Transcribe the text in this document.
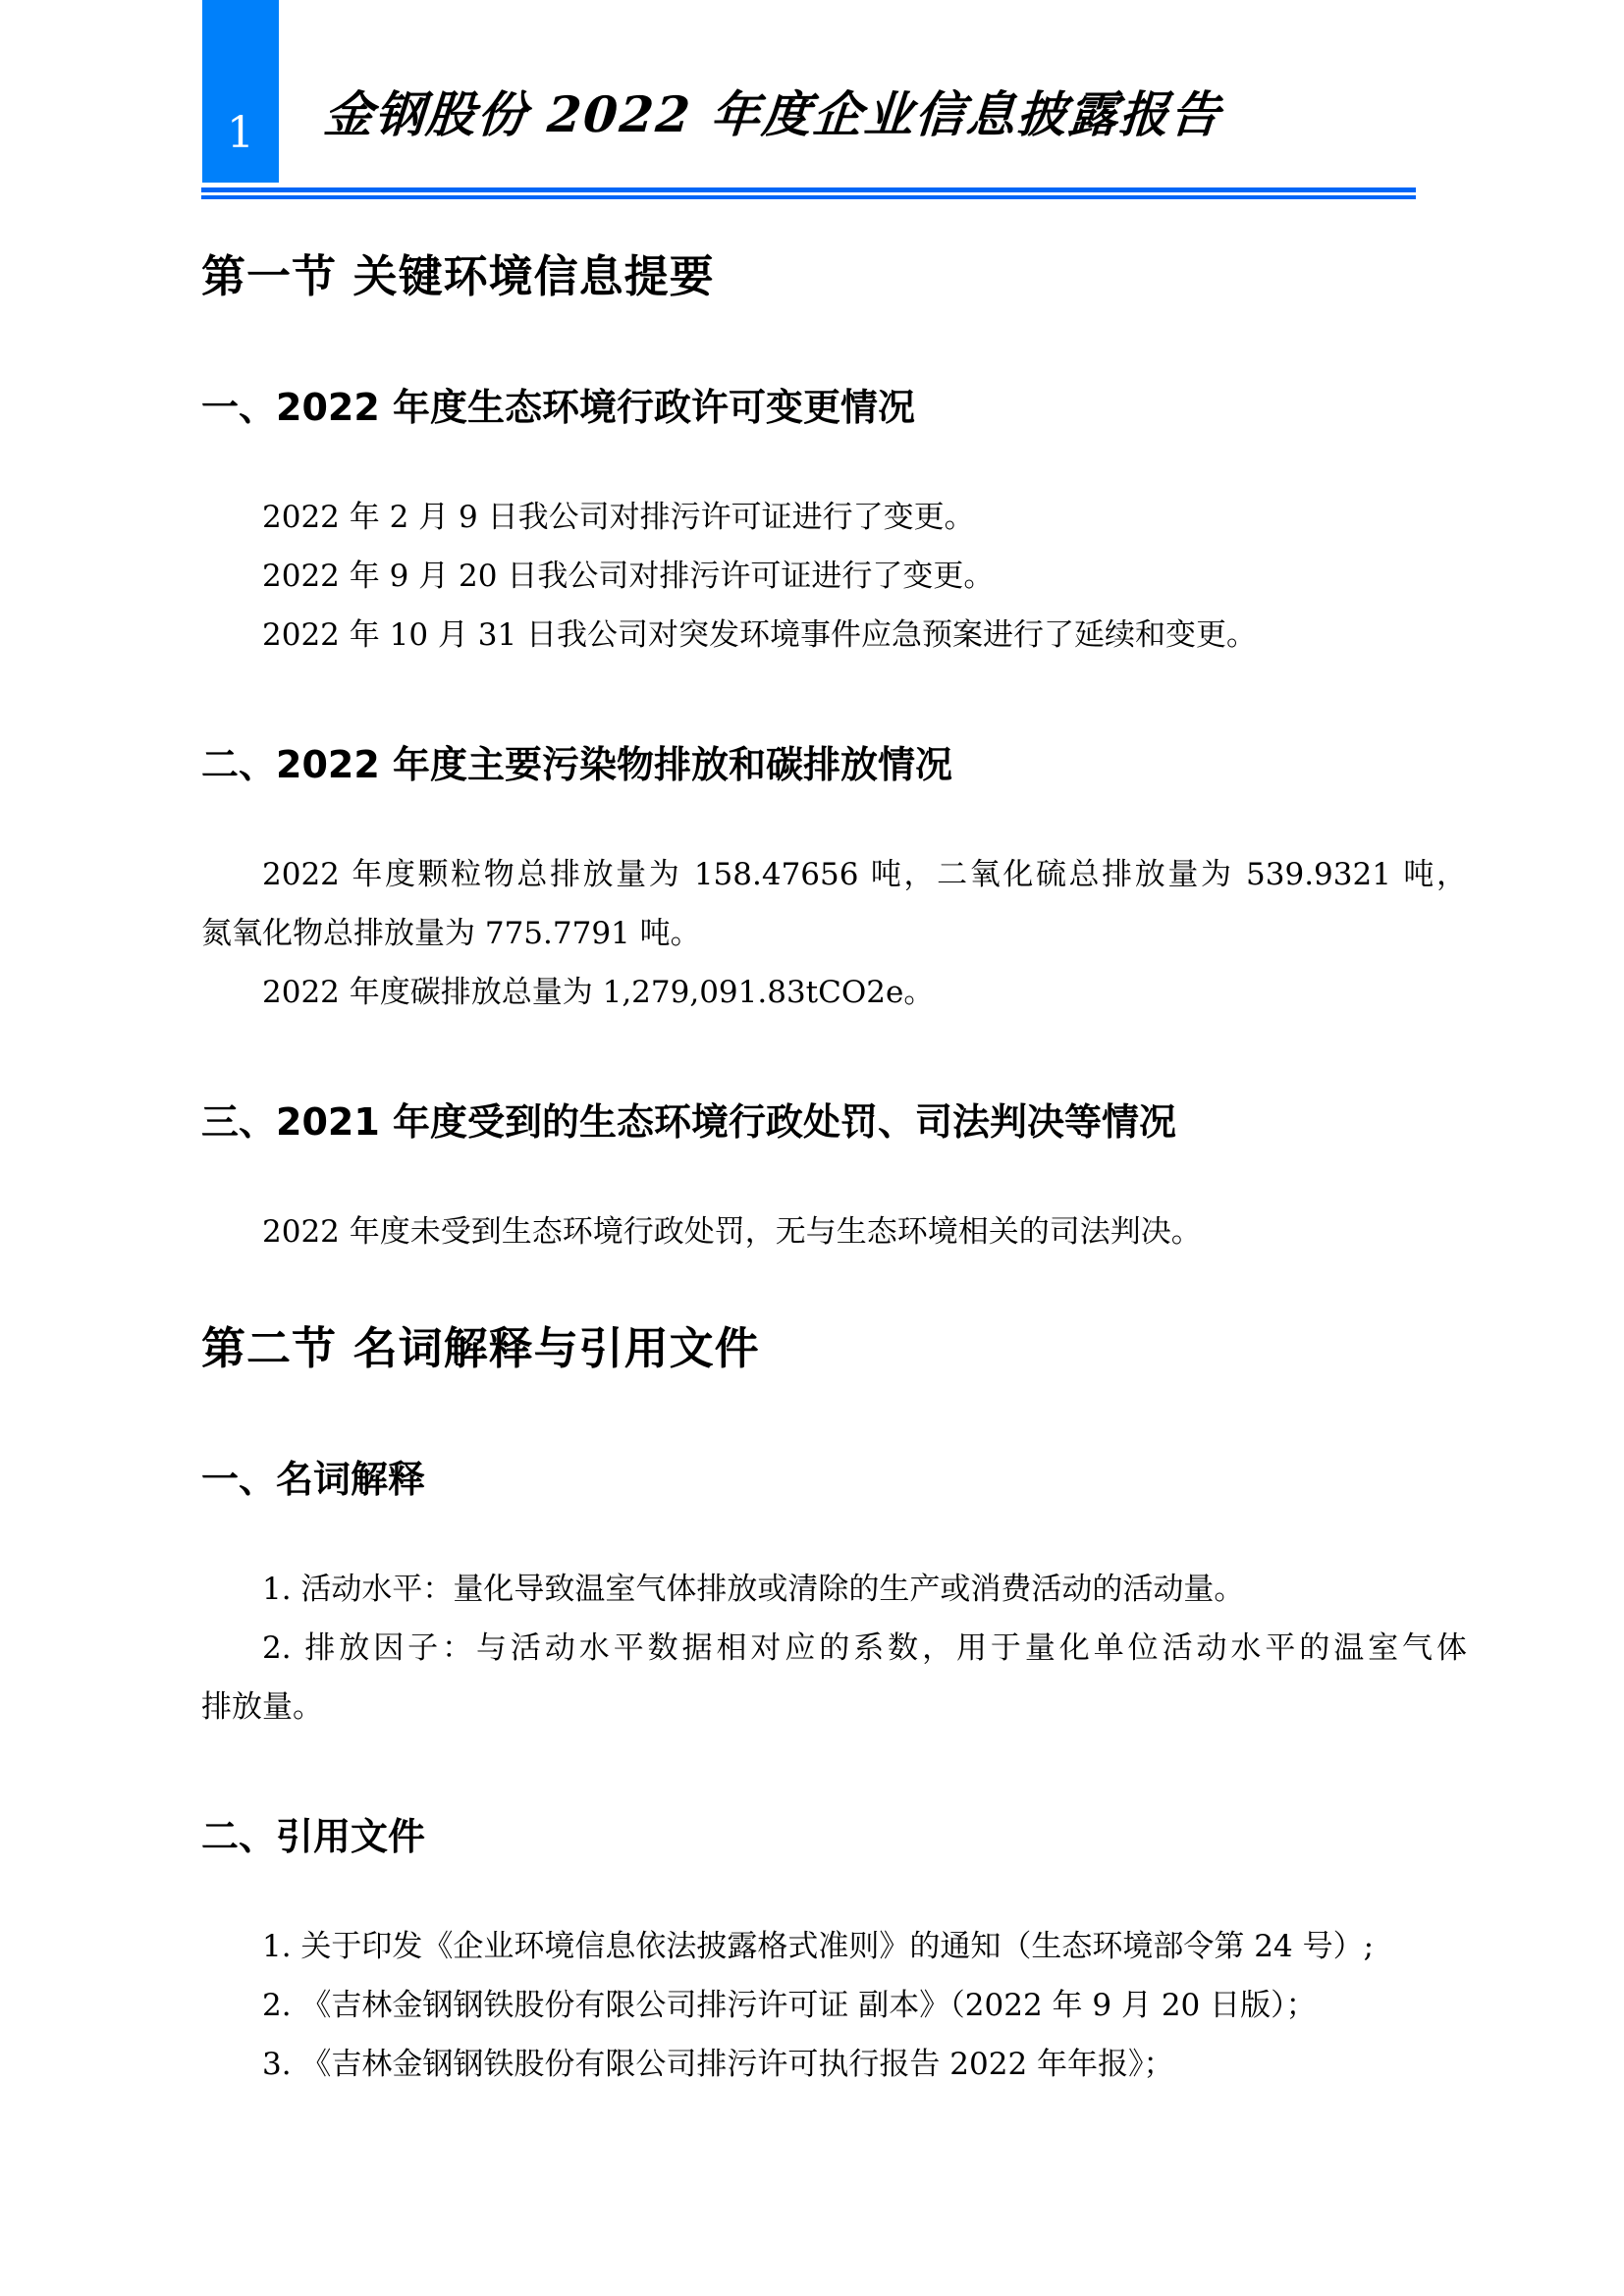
1 金钢股份 2022 年度企业信息披露报告
第一节 关键环境信息提要
一、2022 年度生态环境行政许可变更情况

2022 年 2 月 9 日我公司对排污许可证进行了变更。

2022 年 9 月 20 日我公司对排污许可证进行了变更。

2022 年 10 月 31 日我公司对突发环境事件应急预案进行了延续和变更。

二、2022 年度主要污染物排放和碳排放情况

2022 年度颗粒物总排放量为 158.47656 吨，二氧化硫总排放量为 539.9321 吨，

氮氧化物总排放量为 775.7791 吨。

2022 年度碳排放总量为 1,279,091.83tCO2e。

三、2021 年度受到的生态环境行政处罚、司法判决等情况

2022 年度未受到生态环境行政处罚，无与生态环境相关的司法判决。

第二节 名词解释与引用文件
一、名词解释

1. 活动水平：量化导致温室气体排放或清除的生产或消费活动的活动量。

2. 排放因子：与活动水平数据相对应的系数，用于量化单位活动水平的温室气体

排放量。

二、引用文件

1. 关于印发《企业环境信息依法披露格式准则》的通知（生态环境部令第 24 号）;

2. 《吉林金钢钢铁股份有限公司排污许可证 副本》（2022 年 9 月 20 日版）；

3. 《吉林金钢钢铁股份有限公司排污许可执行报告 2022 年年报》；
